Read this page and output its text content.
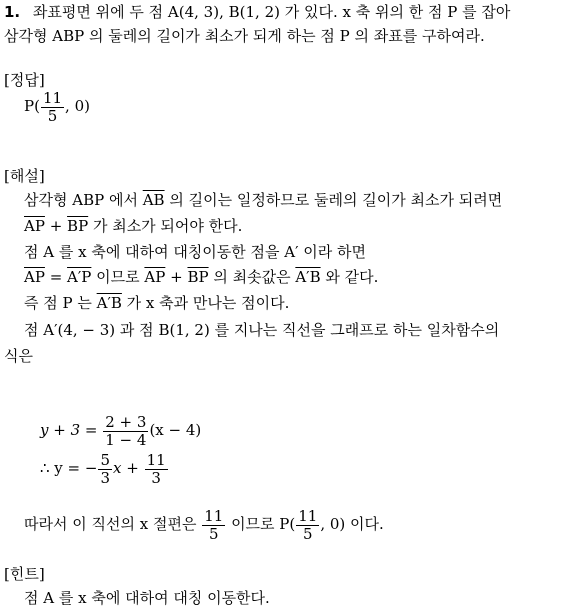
1. 좌표평면 위에 두 점 A(4, 3), B(1, 2) 가 있다. x 축 위의 한 점 P 를 잡아
삼각형 ABP 의 둘레의 길이가 최소가 되게 하는 점 P 의 좌표를 구하여라.
[정답]
$P( \frac{11}{5}$ , 0)
[해설]
삼각형 ABP 에서 $\overline{AB}$ 의 길이는 일정하므로 둘레의 길이가 최소가 되려면
$\overline{AP} + \overline{BP}$ 가 최소가 되어야 한다.
점 A 를 x 축에 대하여 대칭이동한 점을 A′ 이라 하면
$\overline{AP} = A'P$ 이므로 $\overline{AP} + \overline{BP}$ 의 최솟값은 A′B 와 같다.
즉 점 P 는 A′B 가 x 축과 만나는 점이다.
점 A′(4, − 3) 과 점 B(1, 2) 를 지나는 직선을 그래프로 하는 일차함수의
식은
$y + 3 = \frac{2 + 3}{1 - 4} (x - 4)$
∴ y = − $\frac{5}{3}$ $x + \frac{11}{3}$
따라서 이 직선의 x 절편은 $\frac{11}{5}$ 이므로 $P( \frac{11}{5}$ , 0) 이다.
[힌트]
점 A 를 x 축에 대하여 대칭 이동한다.
